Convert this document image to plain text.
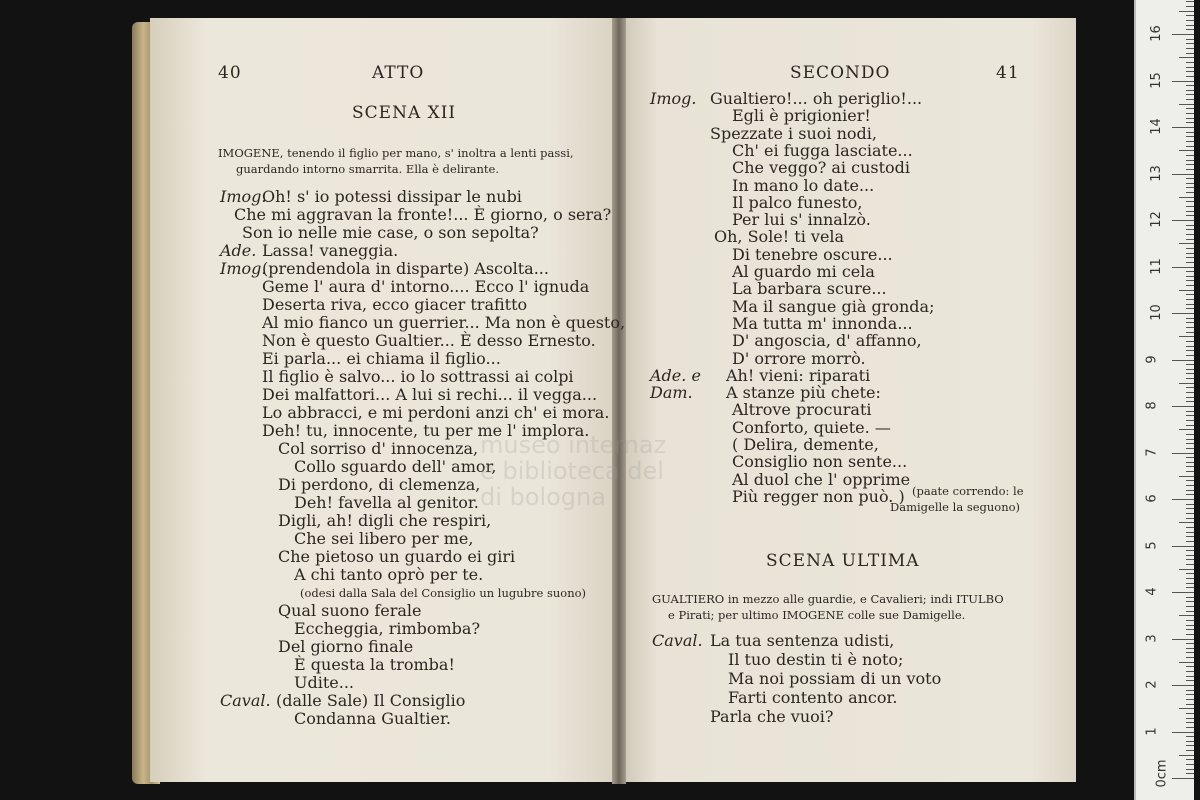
40	ATTO
SCENA XII
IMOGENE, tenendo il figlio per mano, s' inoltra a lenti passi,
guardando intorno smarrita. Ella è delirante.
Imog.
Oh! s' io potessi dissipar le nubi
Che mi aggravan la fronte!... È giorno, o sera?
Son io nelle mie case, o son sepolta?
Ade. Lassa! vaneggia.
Imog.
(prendendola in disparte) Ascolta...
Geme l' aura d' intorno.... Ecco l' ignuda
Deserta riva, ecco giacer trafitto
Al mio fianco un guerrier... Ma non è questo,
Non è questo Gualtier... È desso Ernesto.
Ei parla... ei chiama il figlio...
Il figlio è salvo... io lo sottrassi ai colpi
Dei malfattori... A lui si rechi... il vegga...
Lo abbracci, e mi perdoni anzi ch' ei mora.
Deh! tu, innocente, tu per me l' implora.
Col sorriso d' innocenza,
Collo sguardo dell' amor,
Di perdono, di clemenza,
Deh! favella al genitor.
Digli, ah! digli che respiri,
Che sei libero per me,
Che pietoso un guardo ei giri
A chi tanto oprò per te.
(odesi dalla Sala del Consiglio un lugubre suono)
Qual suono ferale
Eccheggia, rimbomba?
Del giorno finale
È questa la tromba!
Udite...
Caval. (dalle Sale) Il Consiglio
Condanna Gualtier.
SECONDO	41
(paate correndo: le
Damigelle la seguono)
SCENA ULTIMA
GUALTIERO in mezzo alle guardie, e Cavalieri; indi ITULBO
e Pirati; per ultimo IMOGENE colle sue Damigelle.
Imog. Gualtiero!... oh periglio!...
Egli è prigionier!
Spezzate i suoi nodi,
Ch' ei fugga lasciate...
Che veggo? ai custodi
In mano lo date...
Il palco funesto,
Per lui s' innalzò.
Oh, Sole! ti vela
Di tenebre oscure...
Al guardo mi cela
La barbara scure...
Ma il sangue già gronda;
Ma tutta m' innonda...
D' angoscia, d' affanno,
D' orrore morrò.
Ade. e Ah! vieni: riparati
Dam. A stanze più chete:
Altrove procurati
Conforto, quiete. —
( Delira, demente,
Consiglio non sente...
Al duol che l' opprime
Più regger non può. )
Caval. La tua sentenza udisti,
Il tuo destin ti è noto;
Ma noi possiam di un voto
Farti contento ancor.
Parla che vuoi?
museo internaz
e biblioteca del
di bologna
16
15
14
13
12
11
10
9
8
7
6
5
4
3
2
1
0cm
